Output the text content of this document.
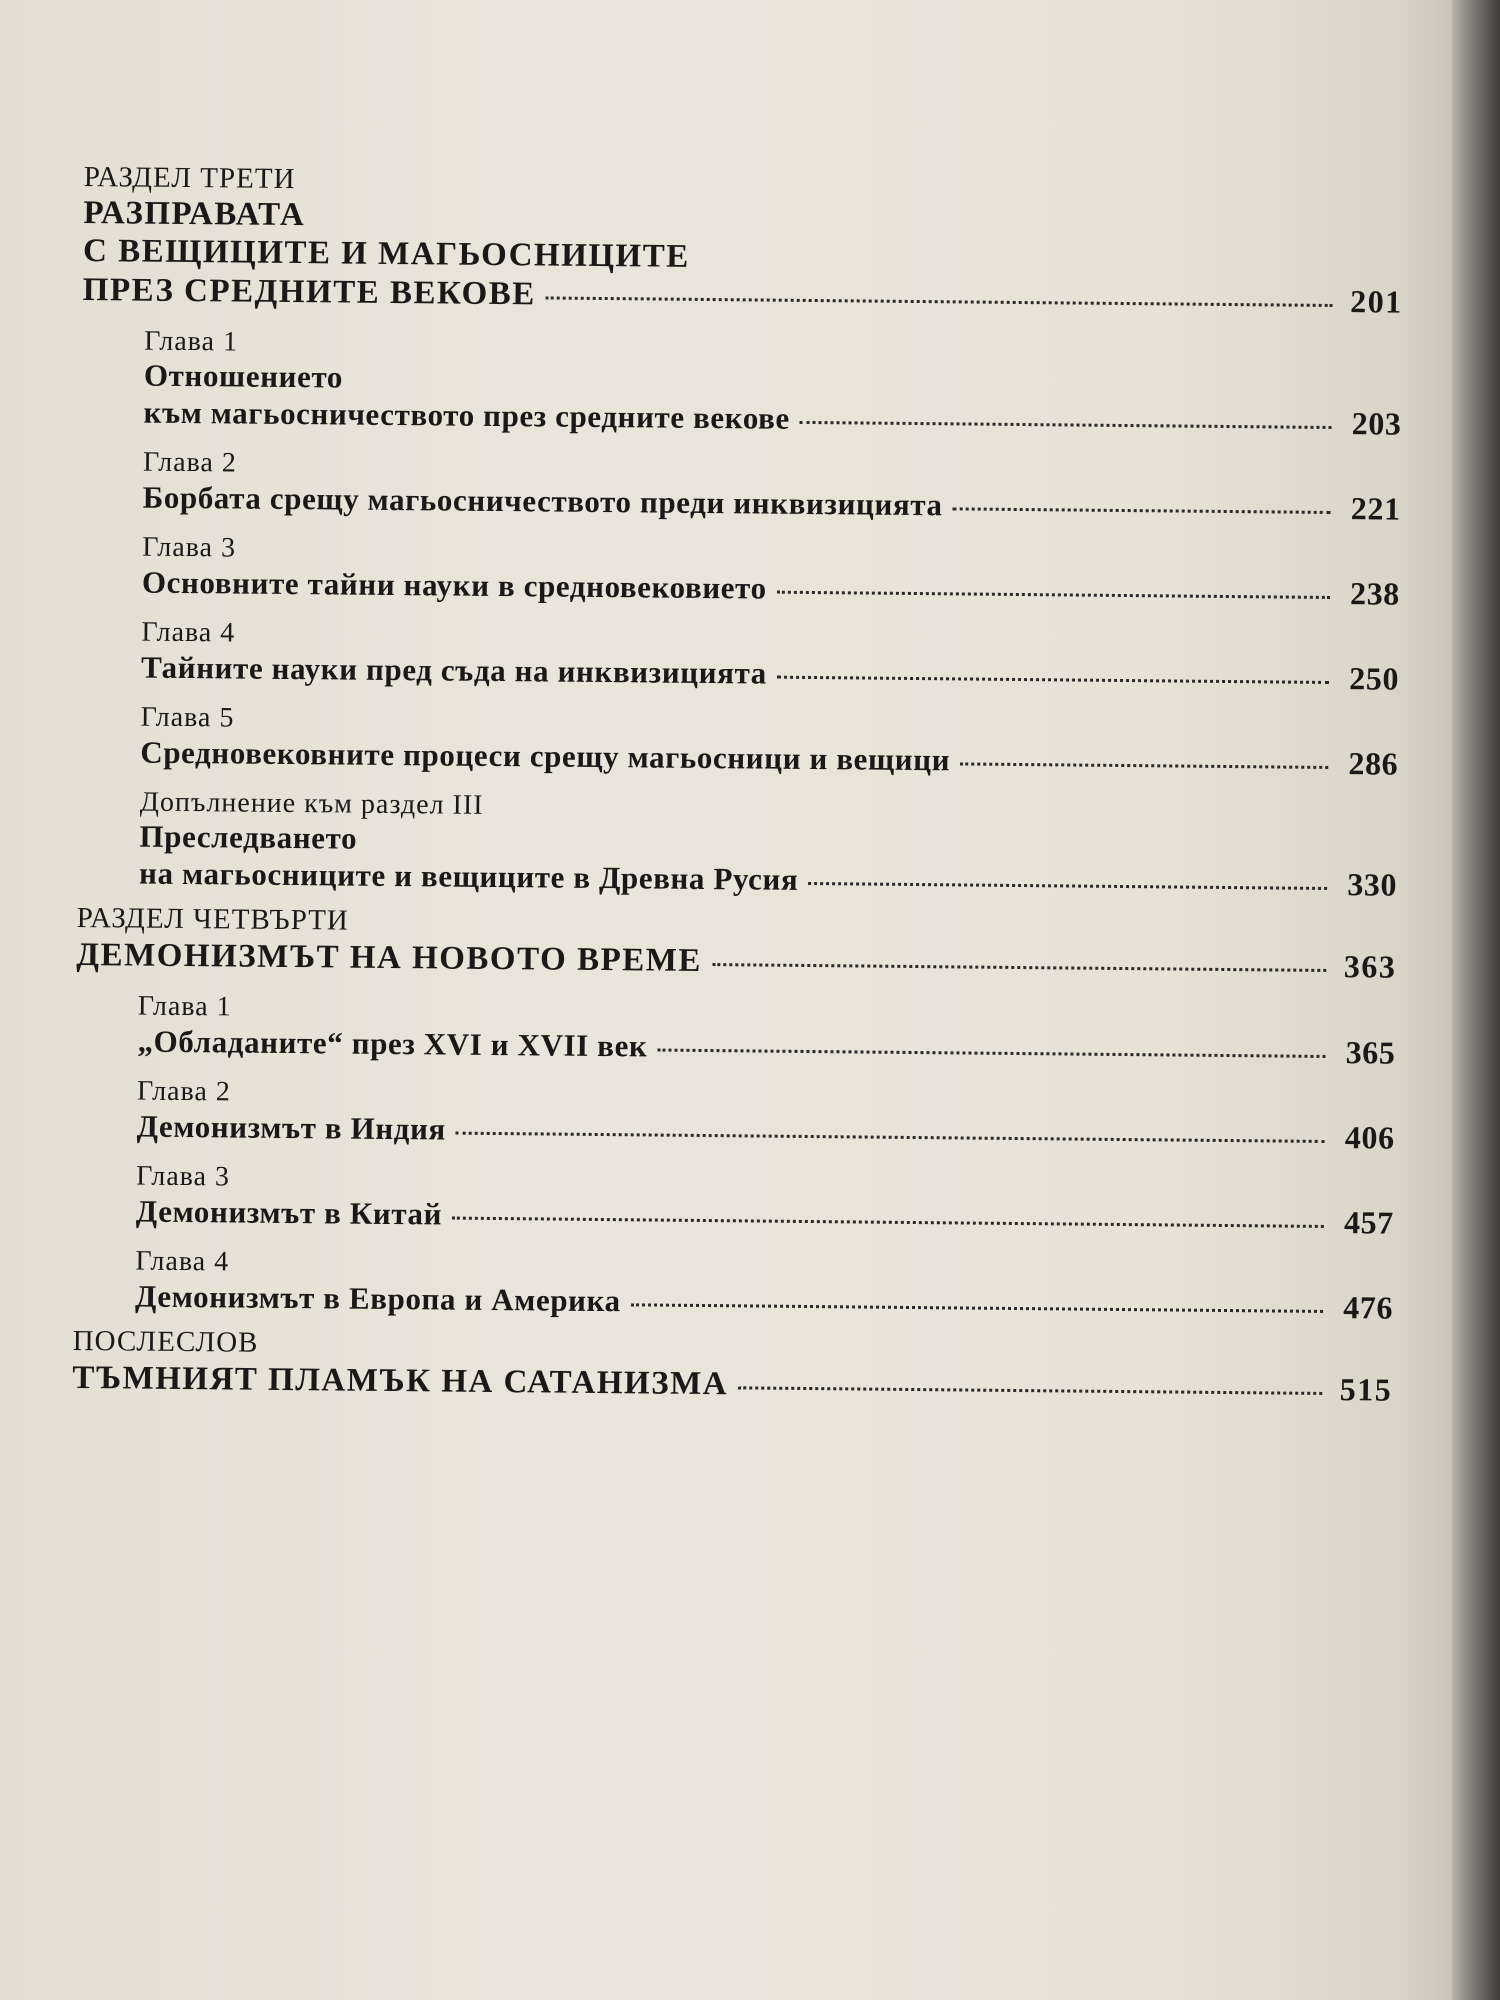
РАЗДЕЛ ТРЕТИ
РАЗПРАВАТА
С ВЕЩИЦИТЕ И МАГЬОСНИЦИТЕ
ПРЕЗ СРЕДНИТЕ ВЕКОВЕ	201
Глава 1
Отношението
към магьосничеството през средните векове	203
Глава 2
Борбата срещу магьосничеството преди инквизицията	221
Глава 3
Основните тайни науки в средновековието	238
Глава 4
Тайните науки пред съда на инквизицията	250
Глава 5
Средновековните процеси срещу магьосници и вещици	286
Допълнение към раздел III
Преследването
на магьосниците и вещиците в Древна Русия	330
РАЗДЕЛ ЧЕТВЪРТИ
ДЕМОНИЗМЪТ НА НОВОТО ВРЕМЕ	363
Глава 1
„Обладаните“ през XVI и XVII век	365
Глава 2
Демонизмът в Индия	406
Глава 3
Демонизмът в Китай	457
Глава 4
Демонизмът в Европа и Америка	476
ПОСЛЕСЛОВ
ТЪМНИЯТ ПЛАМЪК НА САТАНИЗМА	515
